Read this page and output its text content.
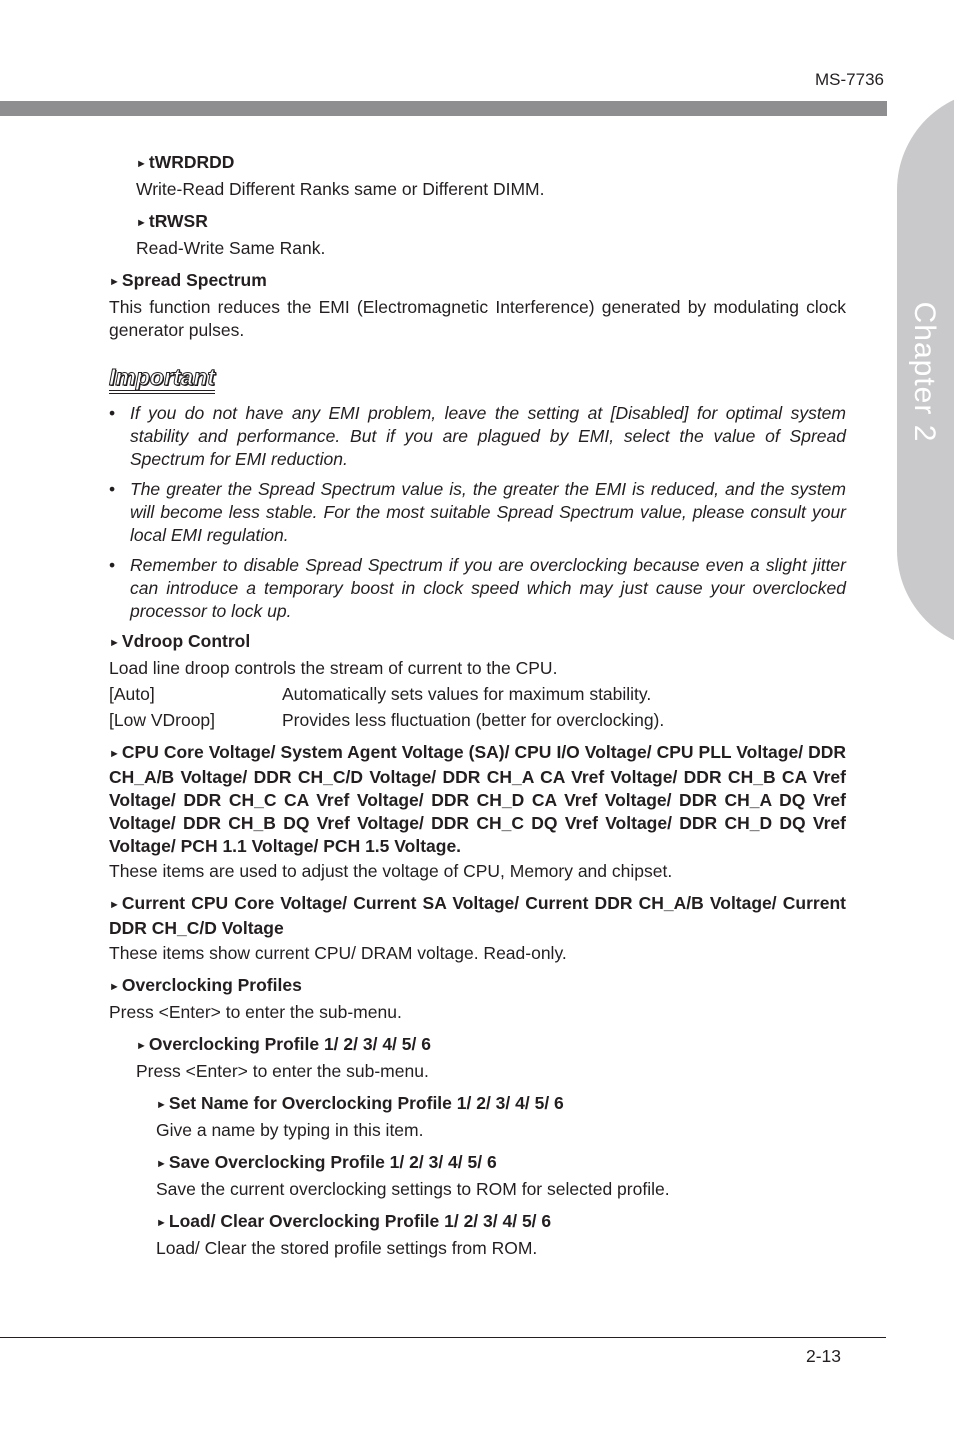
MS-7736
Chapter 2
► tWRDRDD
Write-Read Different Ranks same or Different DIMM.
► tRWSR
Read-Write Same Rank.
► Spread Spectrum
This function reduces the EMI (Electromagnetic Interference) generated by modulating clock generator pulses.
Important
• If you do not have any EMI problem, leave the setting at [Disabled] for optimal system stability and performance. But if you are plagued by EMI, select the value of Spread Spectrum for EMI reduction.
• The greater the Spread Spectrum value is, the greater the EMI is reduced, and the system will become less stable. For the most suitable Spread Spectrum value, please consult your local EMI regulation.
• Remember to disable Spread Spectrum if you are overclocking because even a slight jitter can introduce a temporary boost in clock speed which may just cause your overclocked processor to lock up.
► Vdroop Control
Load line droop controls the stream of current to the CPU.
[Auto]	Automatically sets values for maximum stability.
[Low VDroop]	Provides less fluctuation (better for overclocking).
► CPU Core Voltage/ System Agent Voltage (SA)/ CPU I/O Voltage/ CPU PLL Voltage/ DDR CH_A/B Voltage/ DDR CH_C/D Voltage/ DDR CH_A CA Vref Voltage/ DDR CH_B CA Vref Voltage/ DDR CH_C CA Vref Voltage/ DDR CH_D CA Vref Voltage/ DDR CH_A DQ Vref Voltage/ DDR CH_B DQ Vref Voltage/ DDR CH_C DQ Vref Voltage/ DDR CH_D DQ Vref Voltage/ PCH 1.1 Voltage/ PCH 1.5 Voltage.
These items are used to adjust the voltage of CPU, Memory and chipset.
► Current CPU Core Voltage/ Current SA Voltage/ Current DDR CH_A/B Voltage/ Current DDR CH_C/D Voltage
These items show current CPU/ DRAM voltage. Read-only.
► Overclocking Profiles
Press <Enter> to enter the sub-menu.
► Overclocking Profile 1/ 2/ 3/ 4/ 5/ 6
Press <Enter> to enter the sub-menu.
► Set Name for Overclocking Profile 1/ 2/ 3/ 4/ 5/ 6
Give a name by typing in this item.
► Save Overclocking Profile 1/ 2/ 3/ 4/ 5/ 6
Save the current overclocking settings to ROM for selected profile.
► Load/ Clear Overclocking Profile 1/ 2/ 3/ 4/ 5/ 6
Load/ Clear the stored profile settings from ROM.
2-13
